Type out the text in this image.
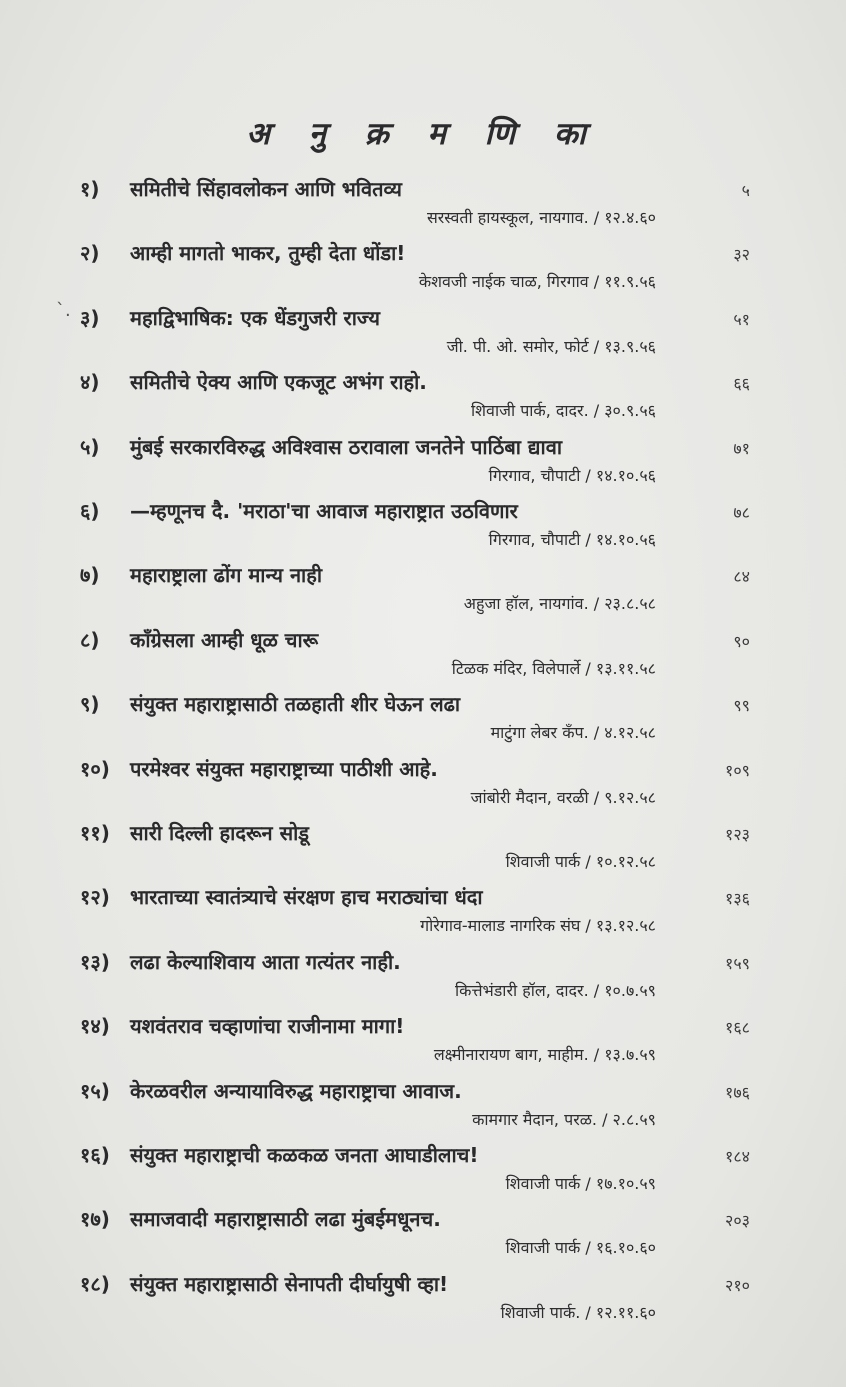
अ नु क्र म णि का
`.
१) समितीचे सिंहावलोकन आणि भवितव्य	५
सरस्वती हायस्कूल, नायगाव. / १२.४.६०
२) आम्ही मागतो भाकर, तुम्ही देता धोंडा!	३२
केशवजी नाईक चाळ, गिरगाव / ११.९.५६
३) महाद्विभाषिक: एक धेंडगुजरी राज्य	५१
जी. पी. ओ. समोर, फोर्ट / १३.९.५६
४) समितीचे ऐक्य आणि एकजूट अभंग राहो.	६६
शिवाजी पार्क, दादर. / ३०.९.५६
५) मुंबई सरकारविरुद्ध अविश्वास ठरावाला जनतेने पाठिंबा द्यावा	७१
गिरगाव, चौपाटी / १४.१०.५६
६) —म्हणूनच दै. 'मराठा'चा आवाज महाराष्ट्रात उठविणार	७८
गिरगाव, चौपाटी / १४.१०.५६
७) महाराष्ट्राला ढोंग मान्य नाही	८४
अहुजा हॉल, नायगांव. / २३.८.५८
८) काँग्रेसला आम्ही धूळ चारू	९०
टिळक मंदिर, विलेपार्ले / १३.११.५८
९) संयुक्त महाराष्ट्रासाठी तळहाती शीर घेऊन लढा	९९
माटुंगा लेबर कँप. / ४.१२.५८
१०) परमेश्वर संयुक्त महाराष्ट्राच्या पाठीशी आहे.	१०९
जांबोरी मैदान, वरळी / ९.१२.५८
११) सारी दिल्ली हादरून सोडू	१२३
शिवाजी पार्क / १०.१२.५८
१२) भारताच्या स्वातंत्र्याचे संरक्षण हाच मराठ्यांचा धंदा	१३६
गोरेगाव-मालाड नागरिक संघ / १३.१२.५८
१३) लढा केल्याशिवाय आता गत्यंतर नाही.	१५९
कित्तेभंडारी हॉल, दादर. / १०.७.५९
१४) यशवंतराव चव्हाणांचा राजीनामा मागा!	१६८
लक्ष्मीनारायण बाग, माहीम. / १३.७.५९
१५) केरळवरील अन्यायाविरुद्ध महाराष्ट्राचा आवाज.	१७६
कामगार मैदान, परळ. / २.८.५९
१६) संयुक्त महाराष्ट्राची कळकळ जनता आघाडीलाच!	१८४
शिवाजी पार्क / १७.१०.५९
१७) समाजवादी महाराष्ट्रासाठी लढा मुंबईमधूनच.	२०३
शिवाजी पार्क / १६.१०.६०
१८) संयुक्त महाराष्ट्रासाठी सेनापती दीर्घायुषी व्हा!	२१०
शिवाजी पार्क. / १२.११.६०
